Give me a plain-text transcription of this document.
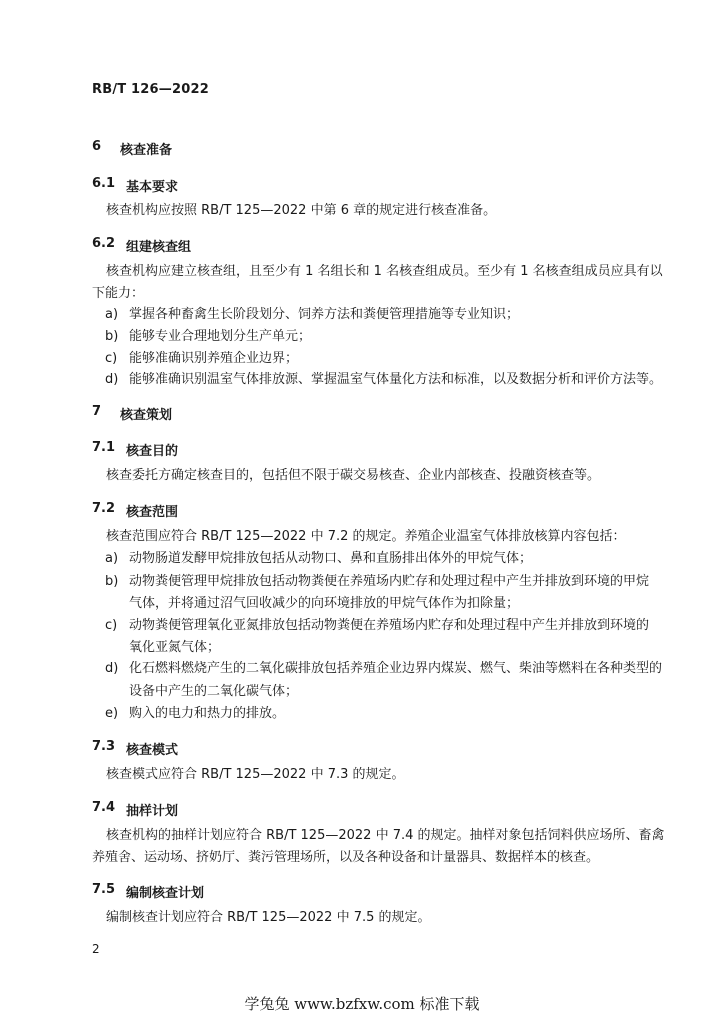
RB/T 126—2022
6 核查准备
6.1 基本要求
核查机构应按照 RB/T 125—2022 中第 6 章的规定进行核查准备。
6.2 组建核查组
核查机构应建立核查组，且至少有 1 名组长和 1 名核查组成员。至少有 1 名核查组成员应具有以
下能力：
a) 掌握各种畜禽生长阶段划分、饲养方法和粪便管理措施等专业知识；
b) 能够专业合理地划分生产单元；
c) 能够准确识别养殖企业边界；
d) 能够准确识别温室气体排放源、掌握温室气体量化方法和标准，以及数据分析和评价方法等。
7 核查策划
7.1 核查目的
核查委托方确定核查目的，包括但不限于碳交易核查、企业内部核查、投融资核查等。
7.2 核查范围
核查范围应符合 RB/T 125—2022 中 7.2 的规定。养殖企业温室气体排放核算内容包括：
a) 动物肠道发酵甲烷排放包括从动物口、鼻和直肠排出体外的甲烷气体；
b) 动物粪便管理甲烷排放包括动物粪便在养殖场内贮存和处理过程中产生并排放到环境的甲烷
气体，并将通过沼气回收减少的向环境排放的甲烷气体作为扣除量；
c) 动物粪便管理氧化亚氮排放包括动物粪便在养殖场内贮存和处理过程中产生并排放到环境的
氧化亚氮气体；
d) 化石燃料燃烧产生的二氧化碳排放包括养殖企业边界内煤炭、燃气、柴油等燃料在各种类型的
设备中产生的二氧化碳气体；
e) 购入的电力和热力的排放。
7.3 核查模式
核查模式应符合 RB/T 125—2022 中 7.3 的规定。
7.4 抽样计划
核查机构的抽样计划应符合 RB/T 125—2022 中 7.4 的规定。抽样对象包括饲料供应场所、畜禽
养殖舍、运动场、挤奶厅、粪污管理场所，以及各种设备和计量器具、数据样本的核查。
7.5 编制核查计划
编制核查计划应符合 RB/T 125—2022 中 7.5 的规定。
2
学兔兔 www.bzfxw.com 标准下载
